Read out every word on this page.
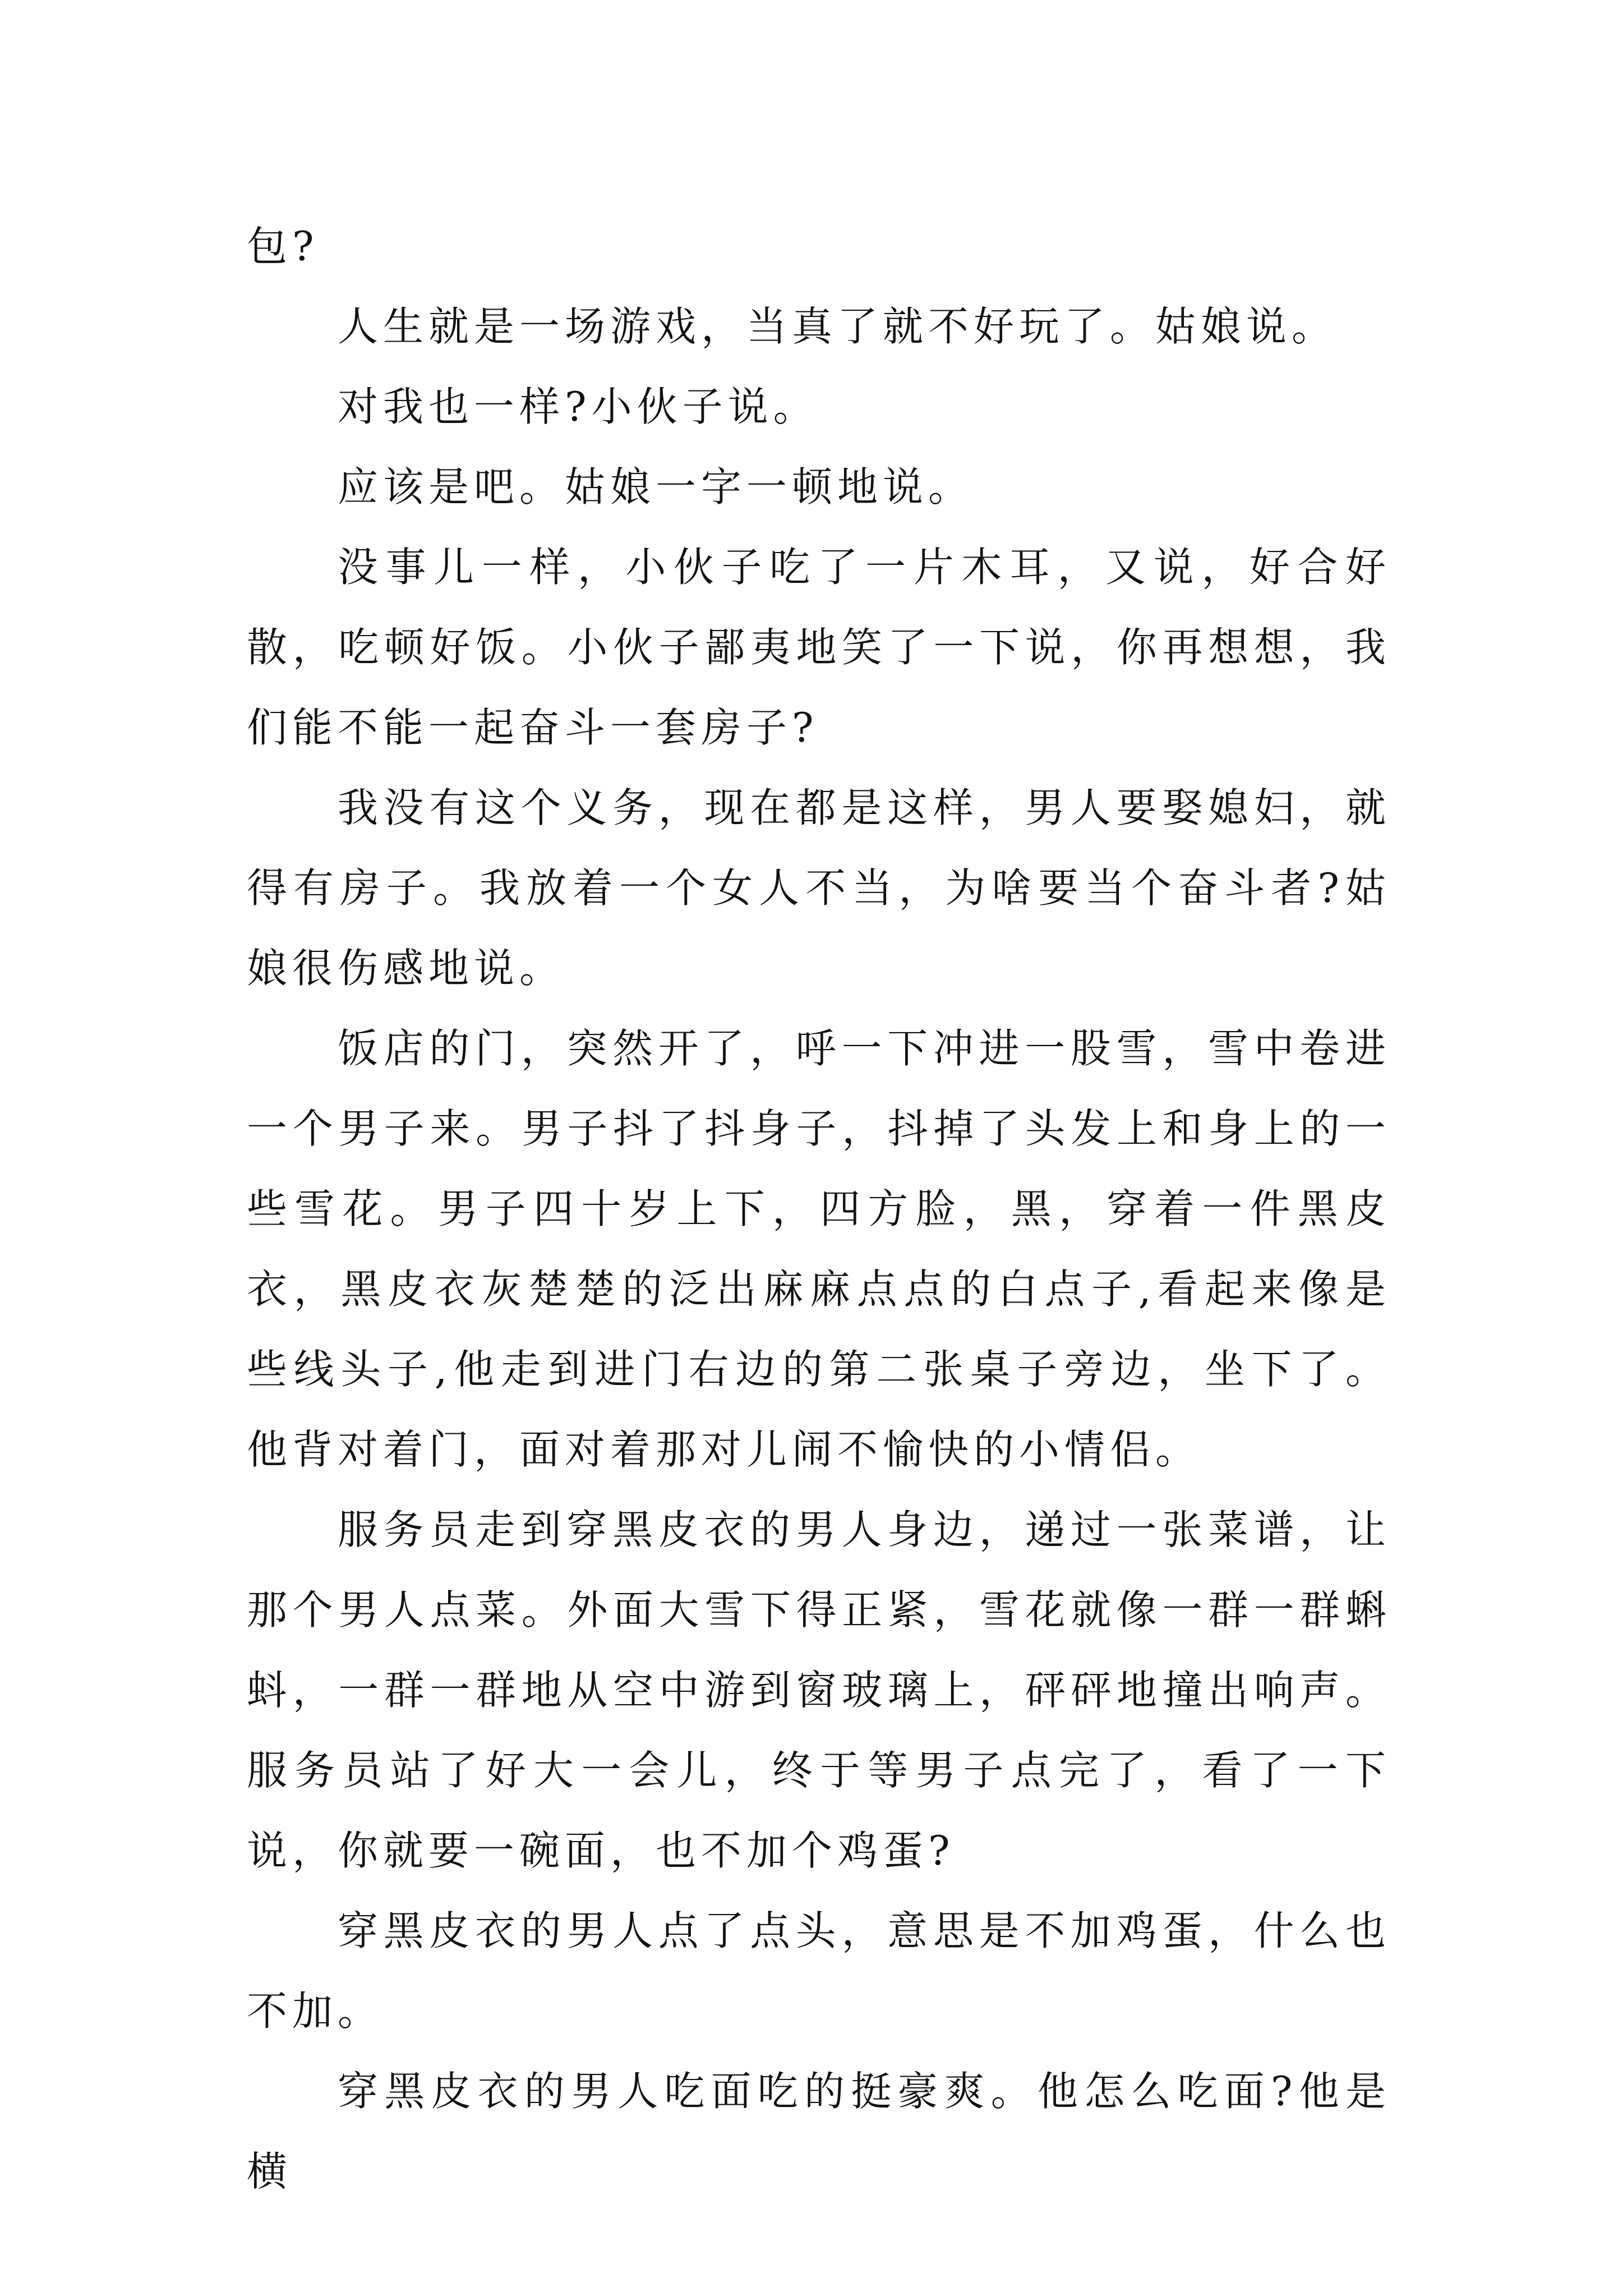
包?

人生就是一场游戏，当真了就不好玩了。姑娘说。

对我也一样?小伙子说。

应该是吧。姑娘一字一顿地说。

没事儿一样，小伙子吃了一片木耳，又说，好合好散，吃顿好饭。小伙子鄙夷地笑了一下说，你再想想，我们能不能一起奋斗一套房子?

我没有这个义务，现在都是这样，男人要娶媳妇，就得有房子。我放着一个女人不当，为啥要当个奋斗者?姑娘很伤感地说。

饭店的门，突然开了，呼一下冲进一股雪，雪中卷进一个男子来。男子抖了抖身子，抖掉了头发上和身上的一些雪花。男子四十岁上下，四方脸，黑，穿着一件黑皮衣，黑皮衣灰楚楚的泛出麻麻点点的白点子,看起来像是些线头子,他走到进门右边的第二张桌子旁边，坐下了。他背对着门，面对着那对儿闹不愉快的小情侣。

服务员走到穿黑皮衣的男人身边，递过一张菜谱，让那个男人点菜。外面大雪下得正紧，雪花就像一群一群蝌蚪，一群一群地从空中游到窗玻璃上，砰砰地撞出响声。服务员站了好大一会儿，终于等男子点完了，看了一下说，你就要一碗面，也不加个鸡蛋?

穿黑皮衣的男人点了点头，意思是不加鸡蛋，什么也不加。

穿黑皮衣的男人吃面吃的挺豪爽。他怎么吃面?他是横
